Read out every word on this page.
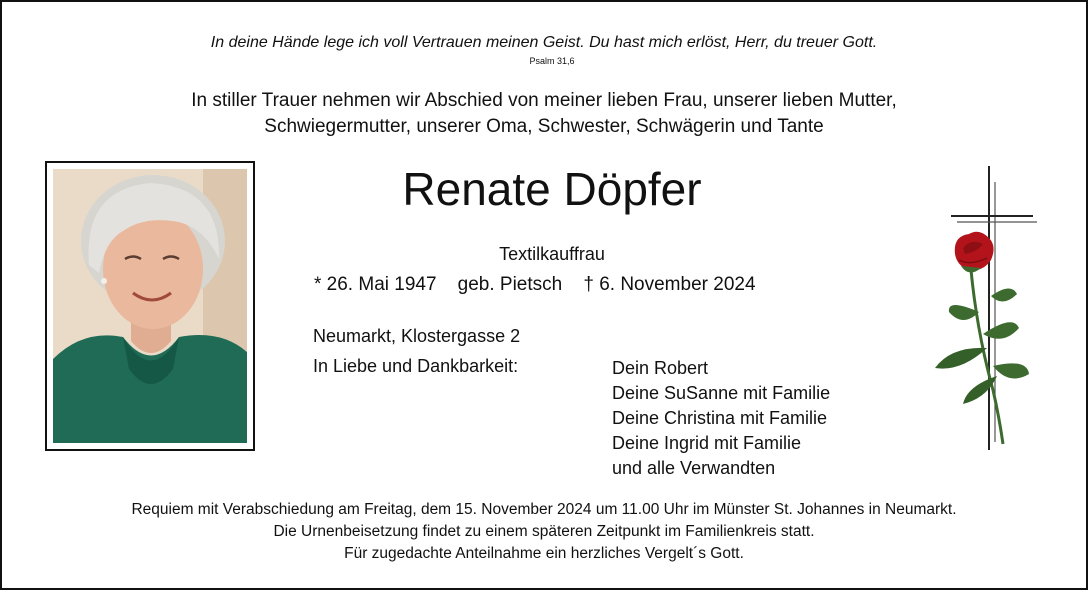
In deine Hände lege ich voll Vertrauen meinen Geist. Du hast mich erlöst, Herr, du treuer Gott.
Psalm 31,6
In stiller Trauer nehmen wir Abschied von meiner lieben Frau, unserer lieben Mutter,
Schwiegermutter, unserer Oma, Schwester, Schwägerin und Tante
Renate Döpfer
Textilkauffrau
* 26. Mai 1947 geb. Pietsch † 6. November 2024
Neumarkt, Klostergasse 2
In Liebe und Dankbarkeit:	Dein Robert
Deine SuSanne mit Familie
Deine Christina mit Familie
Deine Ingrid mit Familie
und alle Verwandten
Requiem mit Verabschiedung am Freitag, dem 15. November 2024 um 11.00 Uhr im Münster St. Johannes in Neumarkt.
Die Urnenbeisetzung findet zu einem späteren Zeitpunkt im Familienkreis statt.
Für zugedachte Anteilnahme ein herzliches Vergelt´s Gott.
